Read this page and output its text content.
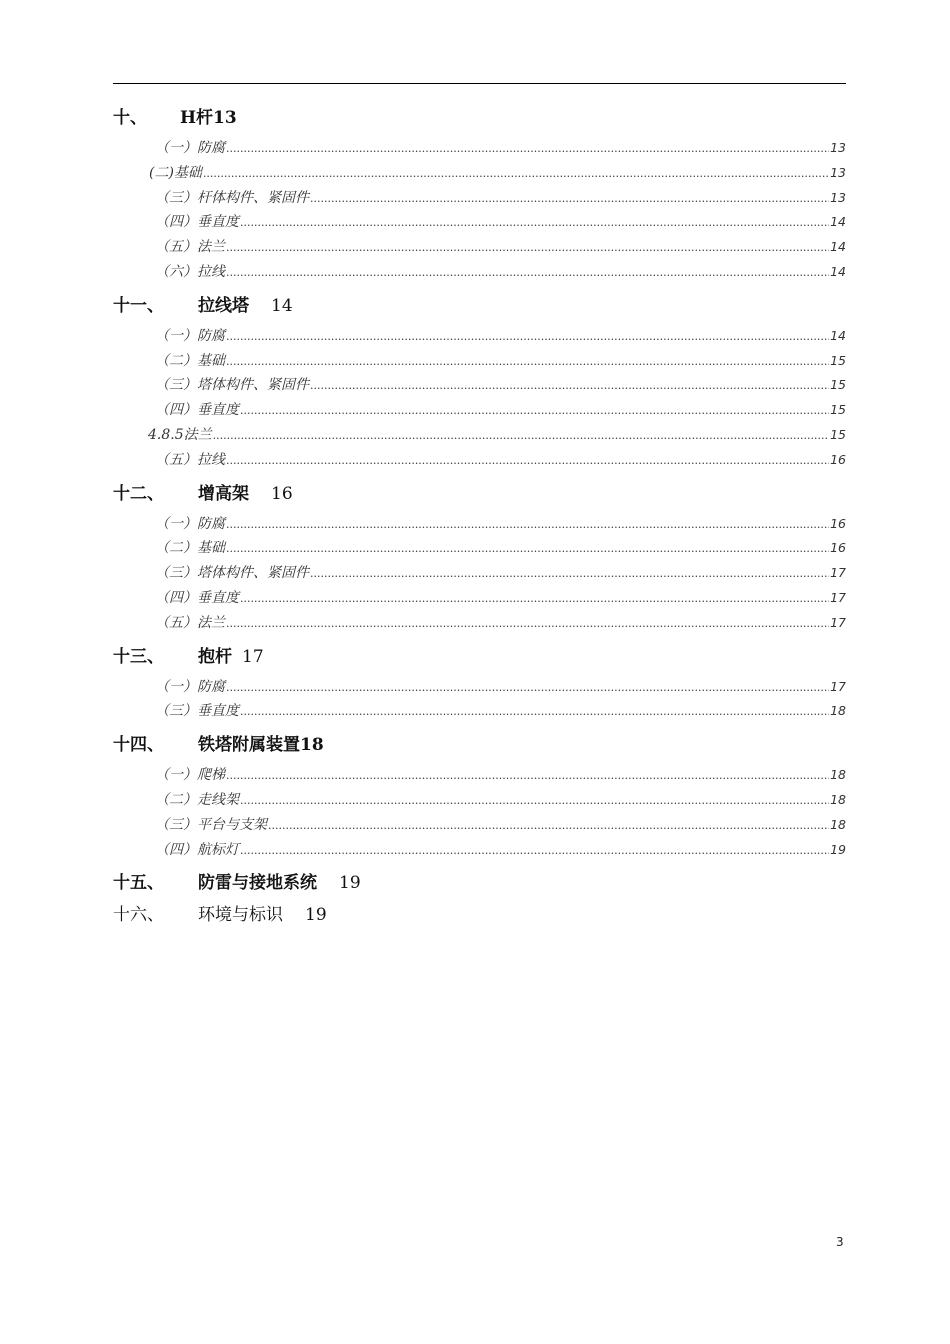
十、	H杆13
（一）防腐 .....	13
(二)基础 .....	13
（三）杆体构件、紧固件 .....	13
（四）垂直度 .....	14
（五）法兰 .....	14
（六）拉线 .....	14
十一、	拉线塔 14
（一）防腐 .....	14
（二）基础 .....	15
（三）塔体构件、紧固件 .....	15
（四）垂直度 .....	15
4.8.5法兰 .....	15
（五）拉线 .....	16
十二、	增高架 16
（一）防腐 .....	16
（二）基础 .....	16
（三）塔体构件、紧固件 .....	17
（四）垂直度 .....	17
（五）法兰 .....	17
十三、	抱杆 17
（一）防腐 .....	17
（三）垂直度 .....	18
十四、	铁塔附属装置18
（一）爬梯 .....	18
（二）走线架 .....	18
（三）平台与支架 .....	18
（四）航标灯 .....	19
十五、	防雷与接地系统 19
十六、	环境与标识 19
3
